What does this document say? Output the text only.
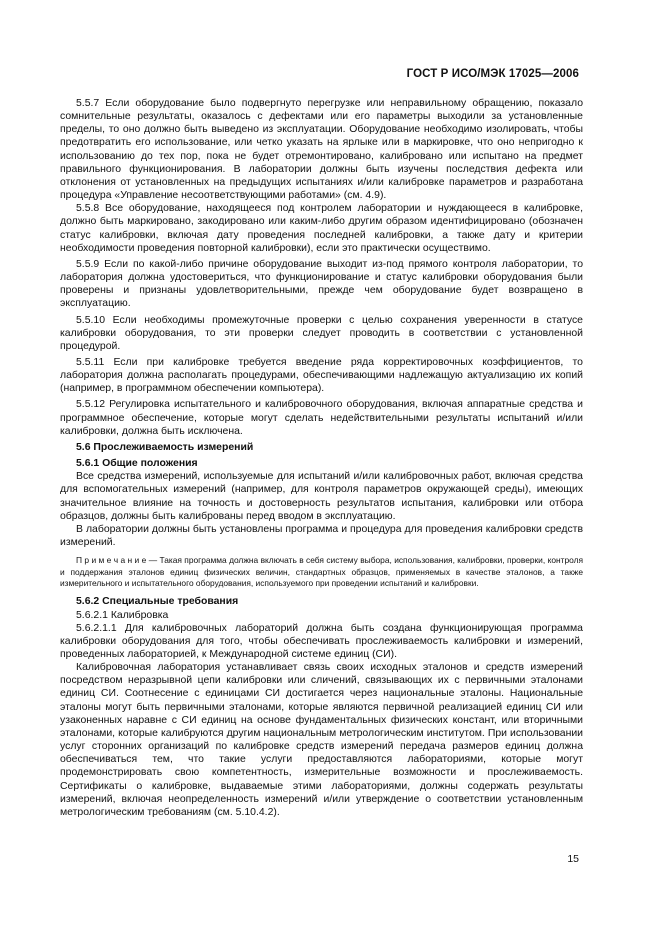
ГОСТ Р ИСО/МЭК 17025—2006

5.5.7 Если оборудование было подвергнуто перегрузке или неправильному обращению, показало сомнительные результаты, оказалось с дефектами или его параметры выходили за установленные пределы, то оно должно быть выведено из эксплуатации. Оборудование необходимо изолировать, чтобы предотвратить его использование, или четко указать на ярлыке или в маркировке, что оно непригодно к использованию до тех пор, пока не будет отремонтировано, калибровано или испытано на предмет правильного функционирования. В лаборатории должны быть изучены последствия дефекта или отклонения от установленных на предыдущих испытаниях и/или калибровке параметров и разработана процедура «Управление несоответствующими работами» (см. 4.9).

5.5.8 Все оборудование, находящееся под контролем лаборатории и нуждающееся в калибровке, должно быть маркировано, закодировано или каким-либо другим образом идентифицировано (обозначен статус калибровки, включая дату проведения последней калибровки, а также дату и критерии необходимости проведения повторной калибровки), если это практически осуществимо.

5.5.9 Если по какой-либо причине оборудование выходит из-под прямого контроля лаборатории, то лаборатория должна удостовериться, что функционирование и статус калибровки оборудования были проверены и признаны удовлетворительными, прежде чем оборудование будет возвращено в эксплуатацию.

5.5.10 Если необходимы промежуточные проверки с целью сохранения уверенности в статусе калибровки оборудования, то эти проверки следует проводить в соответствии с установленной процедурой.

5.5.11 Если при калибровке требуется введение ряда корректировочных коэффициентов, то лаборатория должна располагать процедурами, обеспечивающими надлежащую актуализацию их копий (например, в программном обеспечении компьютера).

5.5.12 Регулировка испытательного и калибровочного оборудования, включая аппаратные средства и программное обеспечение, которые могут сделать недействительными результаты испытаний и/или калибровки, должна быть исключена.

5.6 Прослеживаемость измерений

5.6.1 Общие положения

Все средства измерений, используемые для испытаний и/или калибровочных работ, включая средства для вспомогательных измерений (например, для контроля параметров окружающей среды), имеющих значительное влияние на точность и достоверность результатов испытания, калибровки или отбора образцов, должны быть калиброваны перед вводом в эксплуатацию.

В лаборатории должны быть установлены программа и процедура для проведения калибровки средств измерений.

П р и м е ч а н и е — Такая программа должна включать в себя систему выбора, использования, калибровки, проверки, контроля и поддержания эталонов единиц физических величин, стандартных образцов, применяемых в качестве эталонов, а также измерительного и испытательного оборудования, используемого при проведении испытаний и калибровки.

5.6.2 Специальные требования

5.6.2.1 Калибровка

5.6.2.1.1 Для калибровочных лабораторий должна быть создана функционирующая программа калибровки оборудования для того, чтобы обеспечивать прослеживаемость калибровки и измерений, проведенных лабораторией, к Международной системе единиц (СИ).

Калибровочная лаборатория устанавливает связь своих исходных эталонов и средств измерений посредством неразрывной цепи калибровки или сличений, связывающих их с первичными эталонами единиц СИ. Соотнесение с единицами СИ достигается через национальные эталоны. Национальные эталоны могут быть первичными эталонами, которые являются первичной реализацией единиц СИ или узаконенных наравне с СИ единиц на основе фундаментальных физических констант, или вторичными эталонами, которые калибруются другим национальным метрологическим институтом. При использовании услуг сторонних организаций по калибровке средств измерений передача размеров единиц должна обеспечиваться тем, что такие услуги предоставляются лабораториями, которые могут продемонстрировать свою компетентность, измерительные возможности и прослеживаемость. Сертификаты о калибровке, выдаваемые этими лабораториями, должны содержать результаты измерений, включая неопределенность измерений и/или утверждение о соответствии установленным метрологическим требованиям (см. 5.10.4.2).

15
